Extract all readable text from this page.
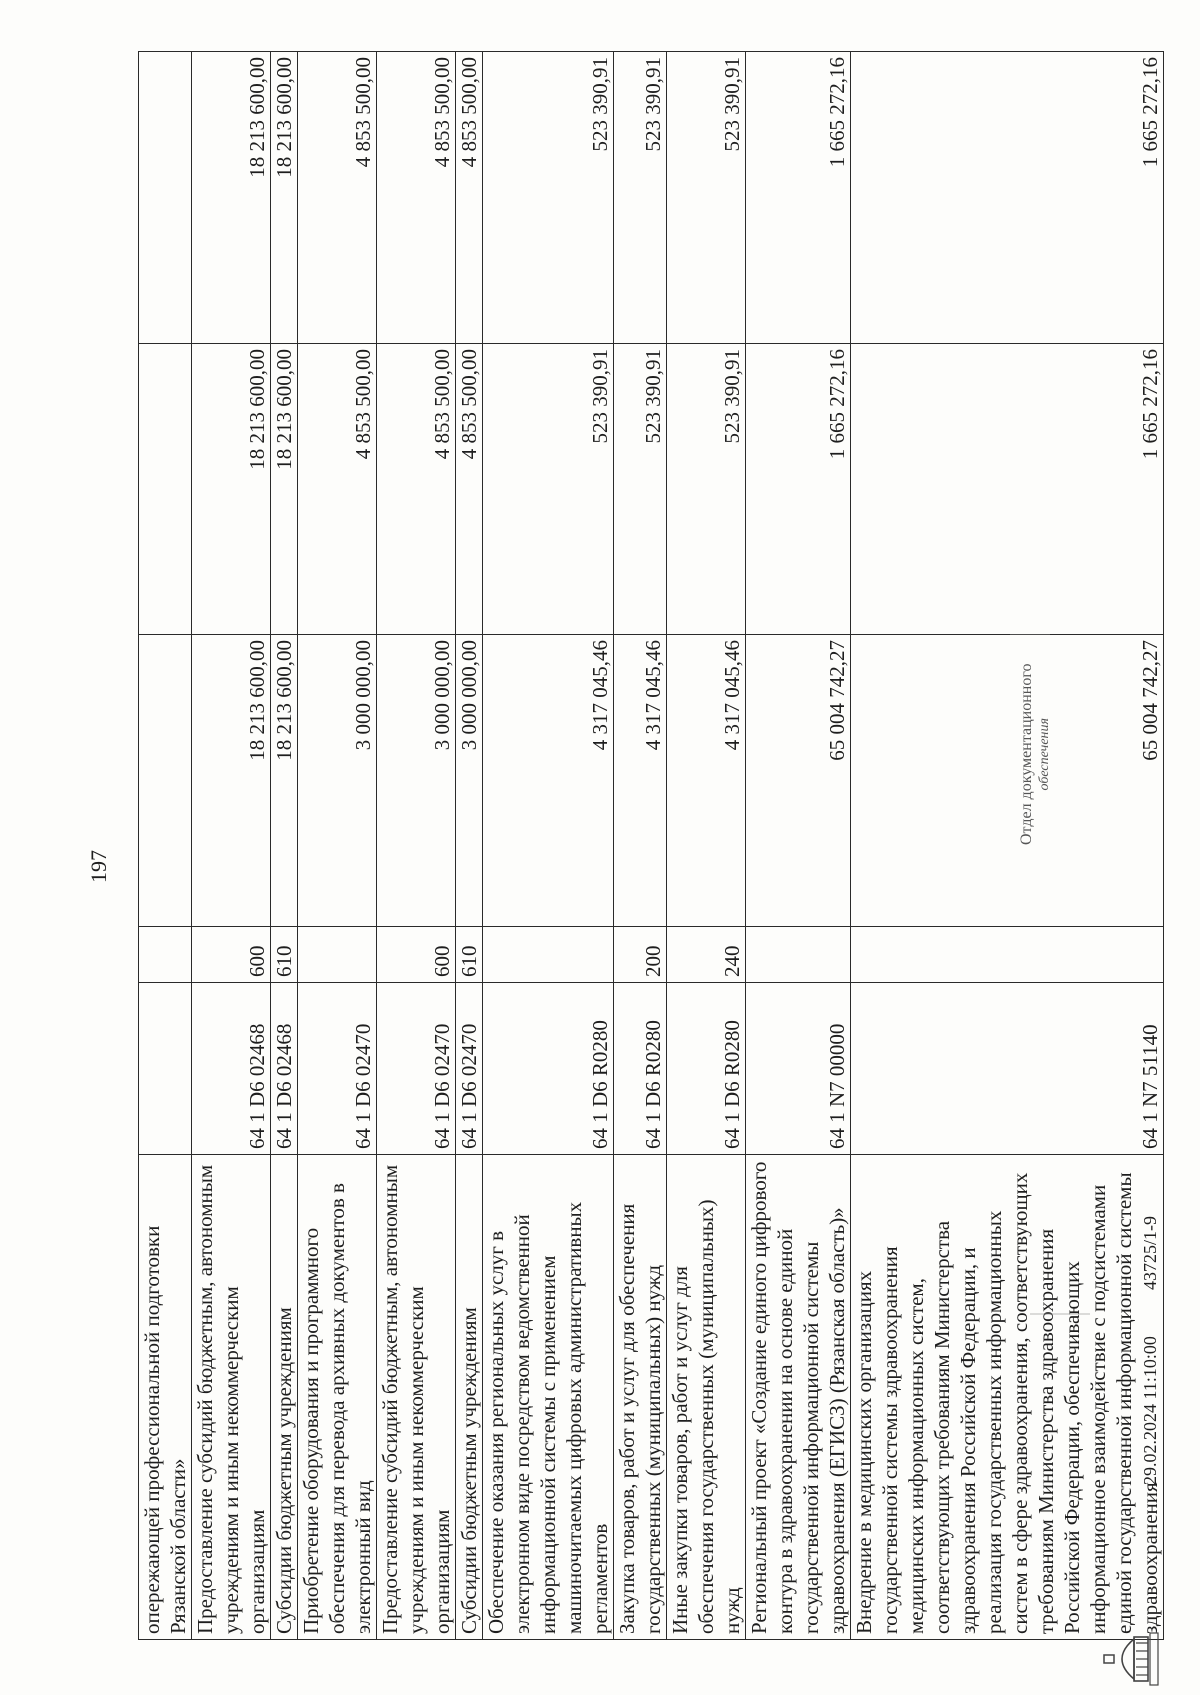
197
опережающей профессиональной подготовки Рязанской области»					
Предоставление субсидий бюджетным, автономным учреждениям и иным некоммерческим организациям	64 1 D6 02468	600	18 213 600,00	18 213 600,00	18 213 600,00
Субсидии бюджетным учреждениям	64 1 D6 02468	610	18 213 600,00	18 213 600,00	18 213 600,00
Приобретение оборудования и программного обеспечения для перевода архивных документов в электронный вид	64 1 D6 02470		3 000 000,00	4 853 500,00	4 853 500,00
Предоставление субсидий бюджетным, автономным учреждениям и иным некоммерческим организациям	64 1 D6 02470	600	3 000 000,00	4 853 500,00	4 853 500,00
Субсидии бюджетным учреждениям	64 1 D6 02470	610	3 000 000,00	4 853 500,00	4 853 500,00
Обеспечение оказания региональных услуг в электронном виде посредством ведомственной информационной системы с применением машиночитаемых цифровых административных регламентов	64 1 D6 R0280		4 317 045,46	523 390,91	523 390,91
Закупка товаров, работ и услуг для обеспечения государственных (муниципальных) нужд	64 1 D6 R0280	200	4 317 045,46	523 390,91	523 390,91
Иные закупки товаров, работ и услуг для обеспечения государственных (муниципальных) нужд	64 1 D6 R0280	240	4 317 045,46	523 390,91	523 390,91
Региональный проект «Создание единого цифрового контура в здравоохранении на основе единой государственной информационной системы здравоохранения (ЕГИСЗ) (Рязанская область)»	64 1 N7 00000		65 004 742,27	1 665 272,16	1 665 272,16
Внедрение в медицинских организациях государственной системы здравоохранения медицинских информационных систем, соответствующих требованиям Министерства здравоохранения Российской Федерации, и реализация государственных информационных систем в сфере здравоохранения, соответствующих требованиям Министерства здравоохранения Российской Федерации, обеспечивающих информационное взаимодействие с подсистемами единой государственной информационной системы здравоохранения	64 1 N7 51140		65 004 742,27	1 665 272,16	1 665 272,16
Отдел документационного обеспечения
29.02.2024 11:10:00
43725/1-9
